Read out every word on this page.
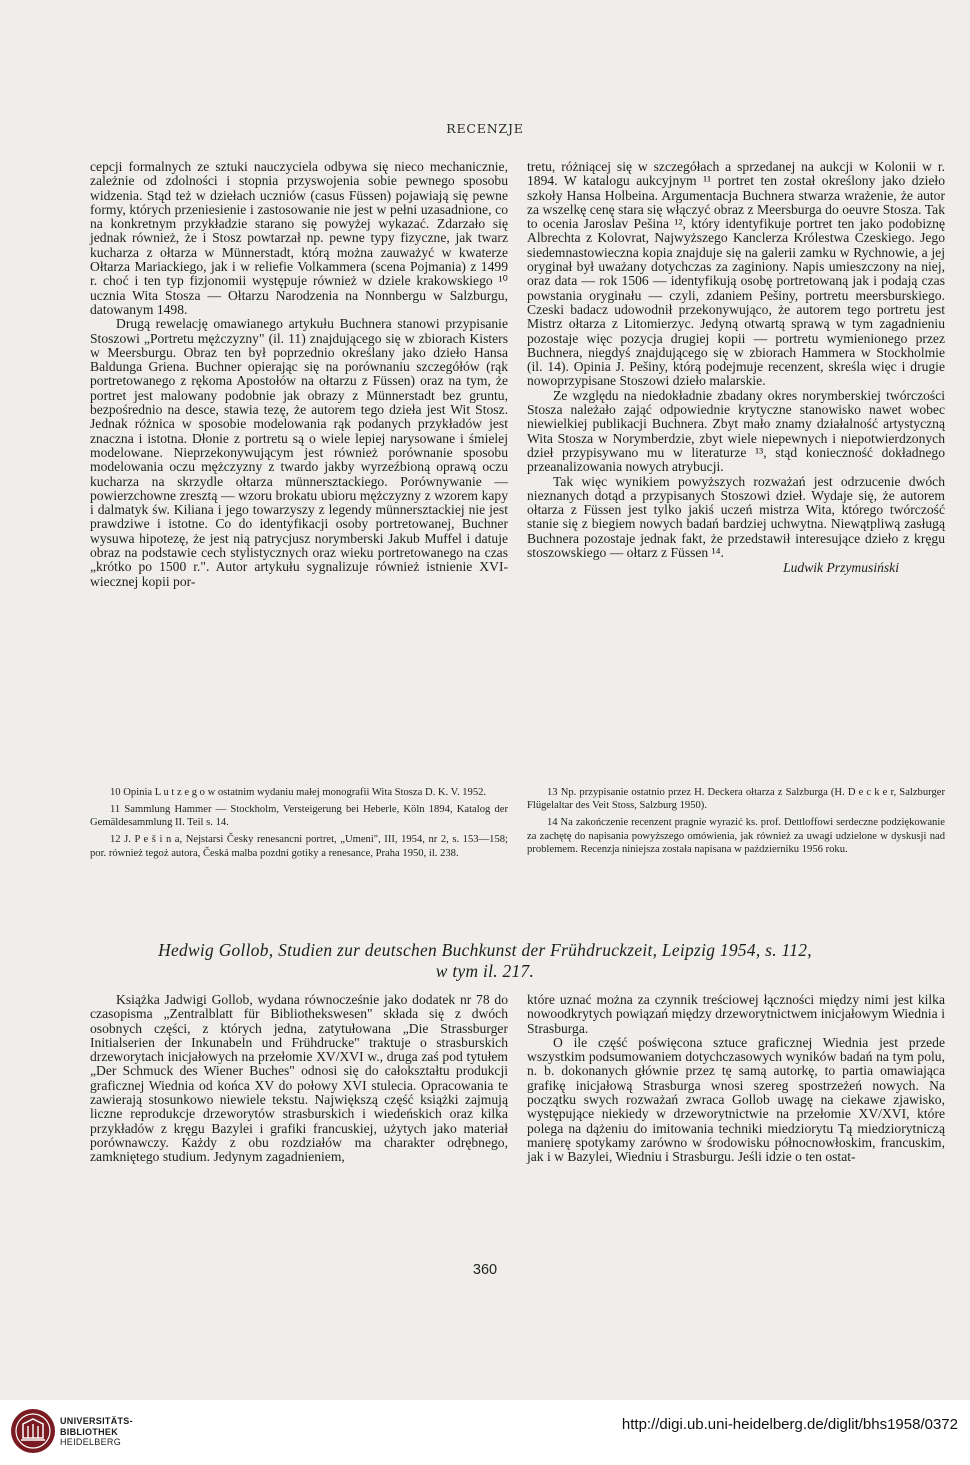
RECENZJE

cepcji formalnych ze sztuki nauczyciela odbywa się nieco mechanicznie, zależnie od zdolności i stopnia przyswojenia sobie pewnego sposobu widzenia. Stąd też w dziełach uczniów (casus Füssen) pojawiają się pewne formy, których przeniesienie i zastosowanie nie jest w pełni uzasadnione, co na konkretnym przykładzie starano się powyżej wykazać. Zdarzało się jednak również, że i Stosz powtarzał np. pewne typy fizyczne, jak twarz kucharza z ołtarza w Münnerstadt, którą można zauważyć w kwaterze Ołtarza Mariackiego, jak i w reliefie Volkammera (scena Pojmania) z 1499 r. choć i ten typ fizjonomii występuje również w dziele krakowskiego ¹⁰ ucznia Wita Stosza — Ołtarzu Narodzenia na Nonnbergu w Salzburgu, datowanym 1498.

Drugą rewelację omawianego artykułu Buchnera stanowi przypisanie Stoszowi „Portretu mężczyzny" (il. 11) znajdującego się w zbiorach Kisters w Meersburgu. Obraz ten był poprzednio określany jako dzieło Hansa Baldunga Griena. Buchner opierając się na porównaniu szczegółów (rąk portretowanego z rękoma Apostołów na ołtarzu z Füssen) oraz na tym, że portret jest malowany podobnie jak obrazy z Münnerstadt bez gruntu, bezpośrednio na desce, stawia tezę, że autorem tego dzieła jest Wit Stosz. Jednak różnica w sposobie modelowania rąk podanych przykładów jest znaczna i istotna. Dłonie z portretu są o wiele lepiej narysowane i śmielej modelowane. Nieprzekonywującym jest również porównanie sposobu modelowania oczu mężczyzny z twardo jakby wyrzeźbioną oprawą oczu kucharza na skrzydle ołtarza münnersztackiego. Porównywanie — powierzchowne zresztą — wzoru brokatu ubioru mężczyzny z wzorem kapy i dalmatyk św. Kiliana i jego towarzyszy z legendy münnersztackiej nie jest prawdziwe i istotne. Co do identyfikacji osoby portretowanej, Buchner wysuwa hipotezę, że jest nią patrycjusz norymberski Jakub Muffel i datuje obraz na podstawie cech stylistycznych oraz wieku portretowanego na czas „krótko po 1500 r.". Autor artykułu sygnalizuje również istnienie XVI-wiecznej kopii por-

tretu, różniącej się w szczegółach a sprzedanej na aukcji w Kolonii w r. 1894. W katalogu aukcyjnym ¹¹ portret ten został określony jako dzieło szkoły Hansa Holbeina. Argumentacja Buchnera stwarza wrażenie, że autor za wszelkę cenę stara się włączyć obraz z Meersburga do oeuvre Stosza. Tak to ocenia Jaroslav Pešina ¹², który identyfikuje portret ten jako podobiznę Albrechta z Kolovrat, Najwyższego Kanclerza Królestwa Czeskiego. Jego siedemnastowieczna kopia znajduje się na galerii zamku w Rychnowie, a jej oryginał był uważany dotychczas za zaginiony. Napis umieszczony na niej, oraz data — rok 1506 — identyfikują osobę portretowaną jak i podają czas powstania oryginału — czyli, zdaniem Pešiny, portretu meersburskiego. Czeski badacz udowodnił przekonywująco, że autorem tego portretu jest Mistrz ołtarza z Litomierzyc. Jedyną otwartą sprawą w tym zagadnieniu pozostaje więc pozycja drugiej kopii — portretu wymienionego przez Buchnera, niegdyś znajdującego się w zbiorach Hammera w Stockholmie (il. 14). Opinia J. Pešiny, którą podejmuje recenzent, skreśla więc i drugie nowoprzypisane Stoszowi dzieło malarskie.

Ze względu na niedokładnie zbadany okres norymberskiej twórczości Stosza należało zająć odpowiednie krytyczne stanowisko nawet wobec niewielkiej publikacji Buchnera. Zbyt mało znamy działalność artystyczną Wita Stosza w Norymberdzie, zbyt wiele niepewnych i niepotwierdzonych dzieł przypisywano mu w literaturze ¹³, stąd konieczność dokładnego przeanalizowania nowych atrybucji.

Tak więc wynikiem powyższych rozważań jest odrzucenie dwóch nieznanych dotąd a przypisanych Stoszowi dzieł. Wydaje się, że autorem ołtarza z Füssen jest tylko jakiś uczeń mistrza Wita, którego twórczość stanie się z biegiem nowych badań bardziej uchwytna. Niewątpliwą zasługą Buchnera pozostaje jednak fakt, że przedstawił interesujące dzieło z kręgu stoszowskiego — ołtarz z Füssen ¹⁴.

Ludwik Przymusiński

10 Opinia L u t z e g o w ostatnim wydaniu małej monografii Wita Stosza D. K. V. 1952.

11 Sammlung Hammer — Stockholm, Versteigerung bei Heberle, Köln 1894, Katalog der Gemäldesammlung II. Teil s. 14.

12 J. P e š i n a, Nejstarsi Česky renesancni portret, „Umeni", III, 1954, nr 2, s. 153—158; por. również tegoż autora, Česká malba pozdní gotiky a renesance, Praha 1950, il. 238.

13 Np. przypisanie ostatnio przez H. Deckera ołtarza z Salzburga (H. D e c k e r, Salzburger Flügelaltar des Veit Stoss, Salzburg 1950).

14 Na zakończenie recenzent pragnie wyrazić ks. prof. Dettloffowi serdeczne podziękowanie za zachętę do napisania powyższego omówienia, jak również za uwagi udzielone w dyskusji nad problemem. Recenzja niniejsza została napisana w październiku 1956 roku.

Hedwig Gollob, Studien zur deutschen Buchkunst der Frühdruckzeit, Leipzig 1954, s. 112,
w tym il. 217.

Książka Jadwigi Gollob, wydana równocześnie jako dodatek nr 78 do czasopisma „Zentralblatt für Bibliothekswesen" składa się z dwóch osobnych części, z których jedna, zatytułowana „Die Strassburger Initialserien der Inkunabeln und Frühdrucke" traktuje o strasburskich drzeworytach inicjałowych na przełomie XV/XVI w., druga zaś pod tytułem „Der Schmuck des Wiener Buches" odnosi się do całokształtu produkcji graficznej Wiednia od końca XV do połowy XVI stulecia. Opracowania te zawierają stosunkowo niewiele tekstu. Największą część książki zajmują liczne reprodukcje drzeworytów strasburskich i wiedeńskich oraz kilka przykładów z kręgu Bazylei i grafiki francuskiej, użytych jako materiał porównawczy. Każdy z obu rozdziałów ma charakter odrębnego, zamkniętego studium. Jedynym zagadnieniem,

które uznać można za czynnik treściowej łączności między nimi jest kilka nowoodkrytych powiązań między drzeworytnictwem inicjałowym Wiednia i Strasburga.

O ile część poświęcona sztuce graficznej Wiednia jest przede wszystkim podsumowaniem dotychczasowych wyników badań na tym polu, n. b. dokonanych głównie przez tę samą autorkę, to partia omawiająca grafikę inicjałową Strasburga wnosi szereg spostrzeżeń nowych. Na początku swych rozważań zwraca Gollob uwagę na ciekawe zjawisko, występujące niekiedy w drzeworytnictwie na przełomie XV/XVI, które polega na dążeniu do imitowania techniki miedziorytu Tą miedziorytniczą manierę spotykamy zarówno w środowisku północnowłoskim, francuskim, jak i w Bazylei, Wiedniu i Strasburgu. Jeśli idzie o ten ostat-

360
UNIVERSITÄTS-
BIBLIOTHEK
HEIDELBERG
http://digi.ub.uni-heidelberg.de/diglit/bhs1958/0372
